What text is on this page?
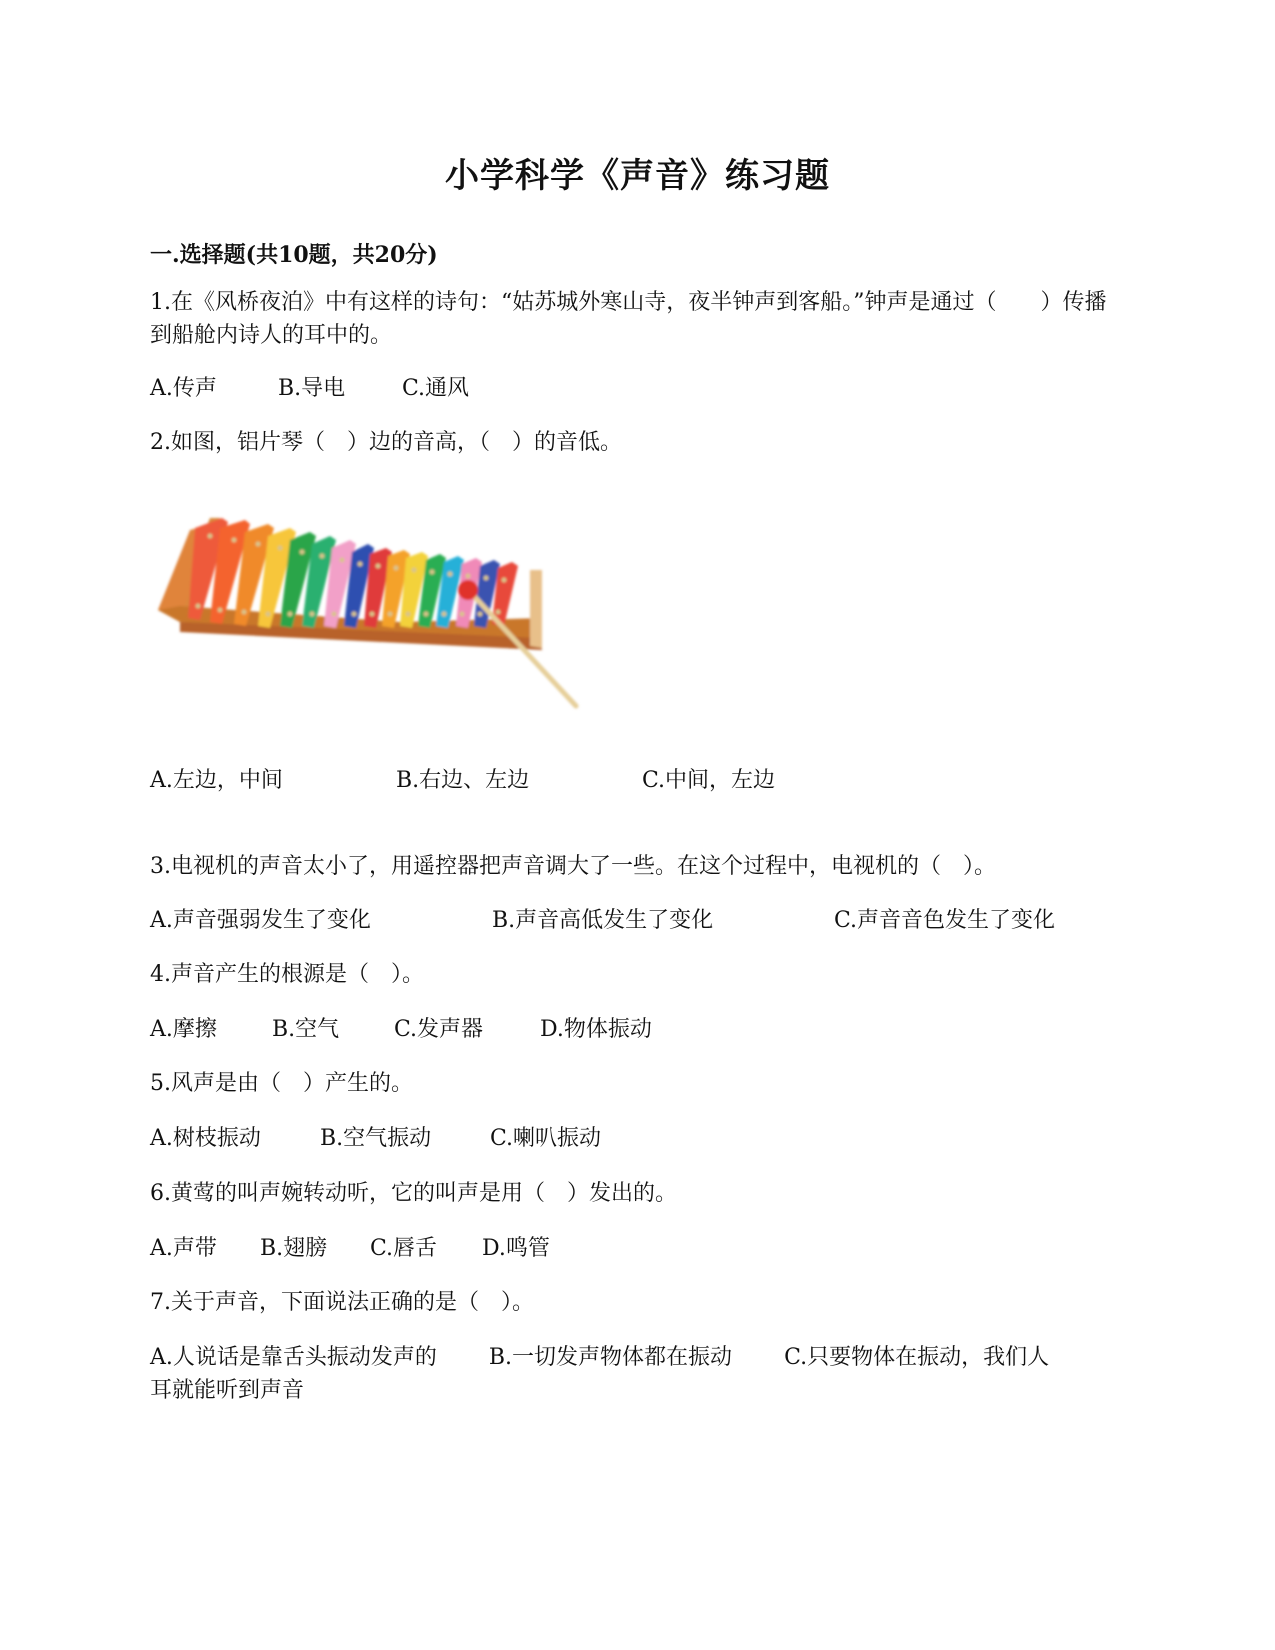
小学科学《声音》练习题
一.选择题(共10题，共20分)
1.在《风桥夜泊》中有这样的诗句：“姑苏城外寒山寺，夜半钟声到客船。”钟声是通过（　　）传播到船舱内诗人的耳中的。
A.传声	B.导电	C.通风
2.如图，铝片琴（　）边的音高，（　）的音低。
A.左边，中间	B.右边、左边	C.中间，左边
3.电视机的声音太小了，用遥控器把声音调大了一些。在这个过程中，电视机的（　）。
A.声音强弱发生了变化	B.声音高低发生了变化	C.声音音色发生了变化
4.声音产生的根源是（　）。
A.摩擦	B.空气 C.发声器	D.物体振动
5.风声是由（　）产生的。
A.树枝振动	B.空气振动	C.喇叭振动
6.黄莺的叫声婉转动听，它的叫声是用（　）发出的。
A.声带 B.翅膀 C.唇舌 D.鸣管
7.关于声音，下面说法正确的是（　）。
A.人说话是靠舌头振动发声的 B.一切发声物体都在振动 C.只要物体在振动，我们人耳就能听到声音
